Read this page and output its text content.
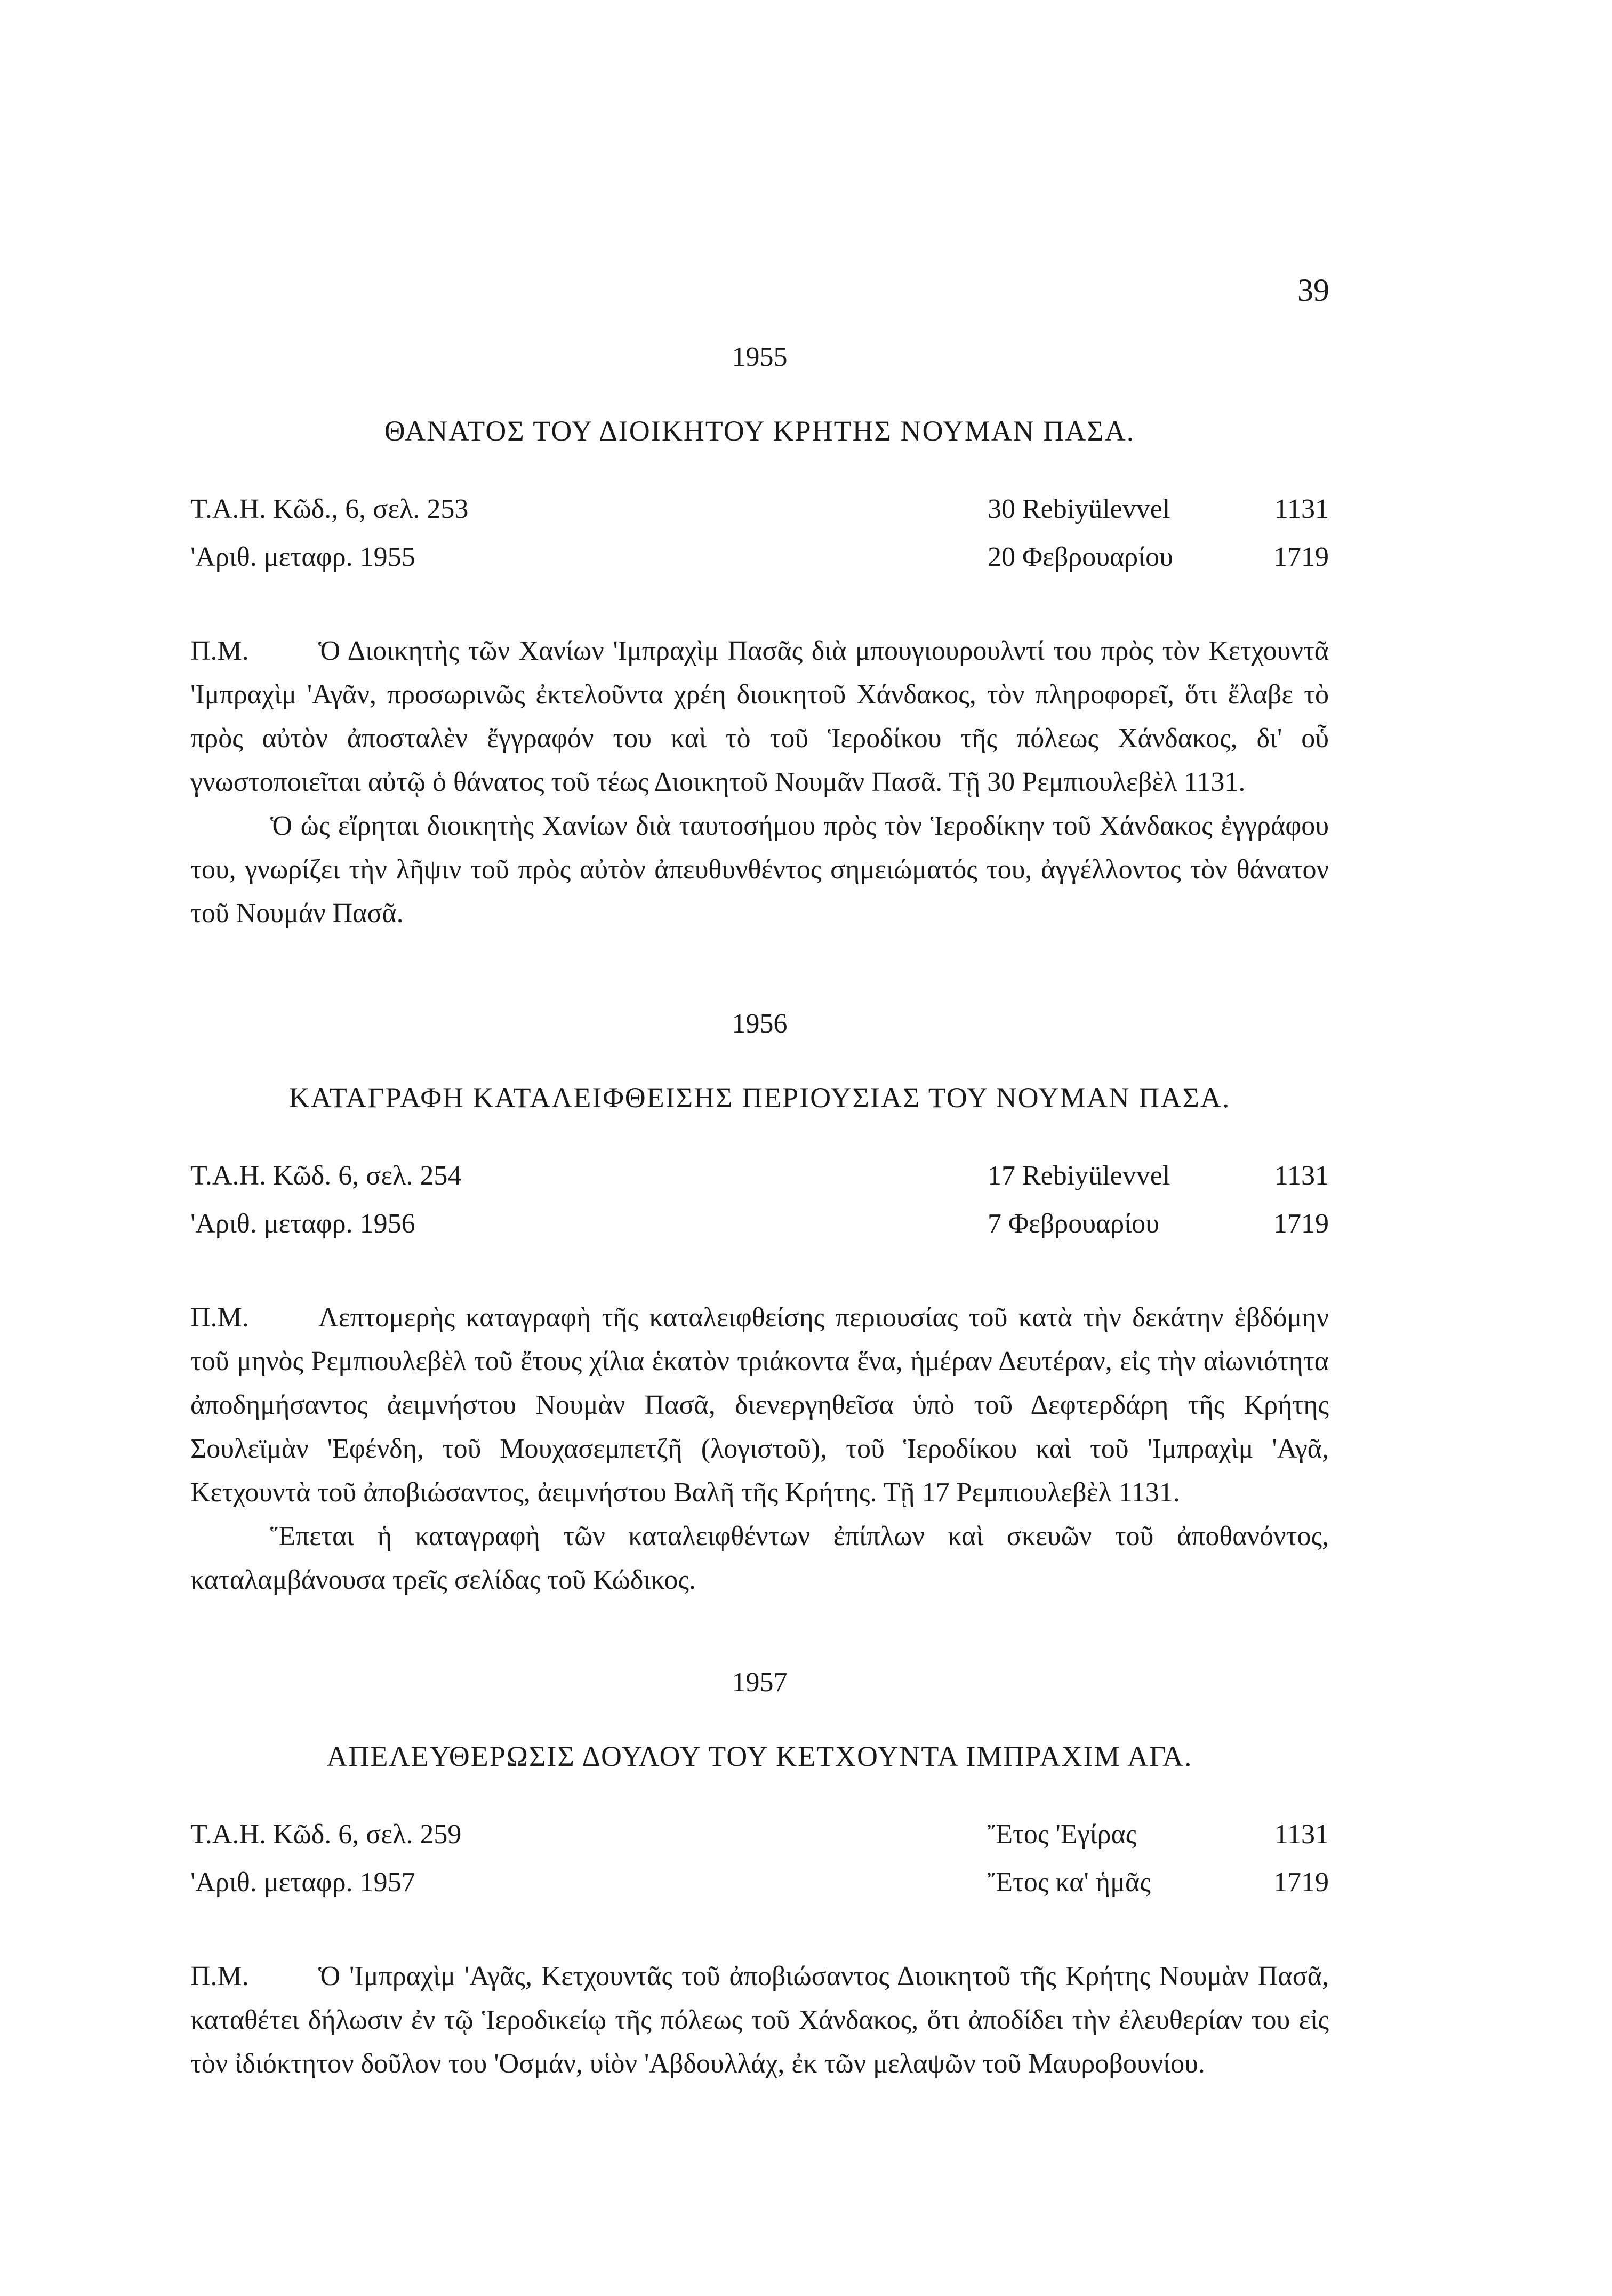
39
1955
ΘΑΝΑΤΟΣ ΤΟΥ ΔΙΟΙΚΗΤΟΥ ΚΡΗΤΗΣ ΝΟΥΜΑΝ ΠΑΣΑ.
Τ.Α.Η. Κῶδ., 6, σελ. 253	30 Rebiyülevvel	1131
'Αριθ. μεταφρ. 1955	20 Φεβρουαρίου	1719

Π.Μ.	Ὁ Διοικητὴς τῶν Χανίων 'Ιμπραχὶμ Πασᾶς διὰ μπουγιουρουλντί του πρὸς τὸν Κετχουντᾶ 'Ιμπραχὶμ 'Αγᾶν, προσωρινῶς ἐκτελοῦντα χρέη διοικητοῦ Χάνδακος, τὸν πληροφορεῖ, ὅτι ἔλαβε τὸ πρὸς αὐτὸν ἀποσταλὲν ἔγγραφόν του καὶ τὸ τοῦ Ἱεροδίκου τῆς πόλεως Χάνδακος, δι' οὗ γνωστοποιεῖται αὐτῷ ὁ θάνατος τοῦ τέως Διοικητοῦ Νουμᾶν Πασᾶ. Τῇ 30 Ρεμπιουλεβὲλ 1131.

Ὁ ὡς εἴρηται διοικητὴς Χανίων διὰ ταυτοσήμου πρὸς τὸν Ἱεροδίκην τοῦ Χάνδακος ἐγγράφου του, γνωρίζει τὴν λῆψιν τοῦ πρὸς αὐτὸν ἀπευθυνθέντος σημειώματός του, ἀγγέλλοντος τὸν θάνατον τοῦ Νουμάν Πασᾶ.

1956
ΚΑΤΑΓΡΑΦΗ ΚΑΤΑΛΕΙΦΘΕΙΣΗΣ ΠΕΡΙΟΥΣΙΑΣ ΤΟΥ ΝΟΥΜΑΝ ΠΑΣΑ.
Τ.Α.Η. Κῶδ. 6, σελ. 254	17 Rebiyülevvel	1131
'Αριθ. μεταφρ. 1956	7 Φεβρουαρίου	1719

Π.Μ.	Λεπτομερὴς καταγραφὴ τῆς καταλειφθείσης περιουσίας τοῦ κατὰ τὴν δεκάτην ἑβδόμην τοῦ μηνὸς Ρεμπιουλεβὲλ τοῦ ἔτους χίλια ἑκατὸν τριάκοντα ἕνα, ἡμέραν Δευτέραν, εἰς τὴν αἰωνιότητα ἀποδημήσαντος ἀειμνήστου Νουμὰν Πασᾶ, διενεργηθεῖσα ὑπὸ τοῦ Δεφτερδάρη τῆς Κρήτης Σουλεϊμὰν 'Εφένδη, τοῦ Μουχασεμπετζῆ (λογιστοῦ), τοῦ Ἱεροδίκου καὶ τοῦ 'Ιμπραχὶμ 'Αγᾶ, Κετχουντὰ τοῦ ἀποβιώσαντος, ἀειμνήστου Βαλῆ τῆς Κρήτης. Τῇ 17 Ρεμπιουλεβὲλ 1131.

Ἕπεται ἡ καταγραφὴ τῶν καταλειφθέντων ἐπίπλων καὶ σκευῶν τοῦ ἀποθανόντος, καταλαμβάνουσα τρεῖς σελίδας τοῦ Κώδικος.

1957
ΑΠΕΛΕΥΘΕΡΩΣΙΣ ΔΟΥΛΟΥ ΤΟΥ ΚΕΤΧΟΥΝΤΑ ΙΜΠΡΑΧΙΜ ΑΓΑ.
Τ.Α.Η. Κῶδ. 6, σελ. 259	Ἔτος 'Εγίρας	1131
'Αριθ. μεταφρ. 1957	Ἔτος κα' ἡμᾶς	1719

Π.Μ.	Ὁ 'Ιμπραχὶμ 'Αγᾶς, Κετχουντᾶς τοῦ ἀποβιώσαντος Διοικητοῦ τῆς Κρήτης Νουμὰν Πασᾶ, καταθέτει δήλωσιν ἐν τῷ Ἱεροδικείῳ τῆς πόλεως τοῦ Χάνδακος, ὅτι ἀποδίδει τὴν ἐλευθερίαν του εἰς τὸν ἰδιόκτητον δοῦλον του 'Οσμάν, υἱὸν 'Αβδουλλάχ, ἐκ τῶν μελαψῶν τοῦ Μαυροβουνίου.
